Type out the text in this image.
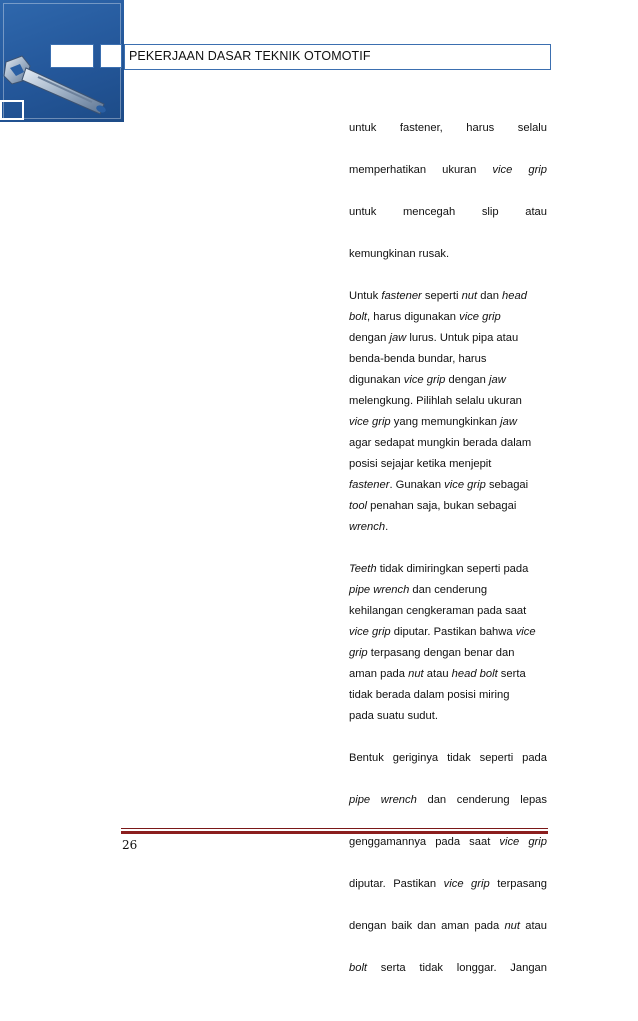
PEKERJAAN DASAR TEKNIK OTOMOTIF

untuk fastener, harus selalu
memperhatikan ukuran vice grip
untuk mencegah slip atau
kemungkinan rusak.

Untuk fastener seperti nut dan head
bolt, harus digunakan vice grip
dengan jaw lurus. Untuk pipa atau
benda-benda bundar, harus
digunakan vice grip dengan jaw
melengkung. Pilihlah selalu ukuran
vice grip yang memungkinkan jaw
agar sedapat mungkin berada dalam
posisi sejajar ketika menjepit
fastener. Gunakan vice grip sebagai
tool penahan saja, bukan sebagai
wrench.

Teeth tidak dimiringkan seperti pada
pipe wrench dan cenderung
kehilangan cengkeraman pada saat
vice grip diputar. Pastikan bahwa vice
grip terpasang dengan benar dan
aman pada nut atau head bolt serta
tidak berada dalam posisi miring
pada suatu sudut.

Bentuk geriginya tidak seperti pada
pipe wrench dan cenderung lepas
genggamannya pada saat vice grip
diputar. Pastikan vice grip terpasang
dengan baik dan aman pada nut atau
bolt serta tidak longgar. Jangan

26
